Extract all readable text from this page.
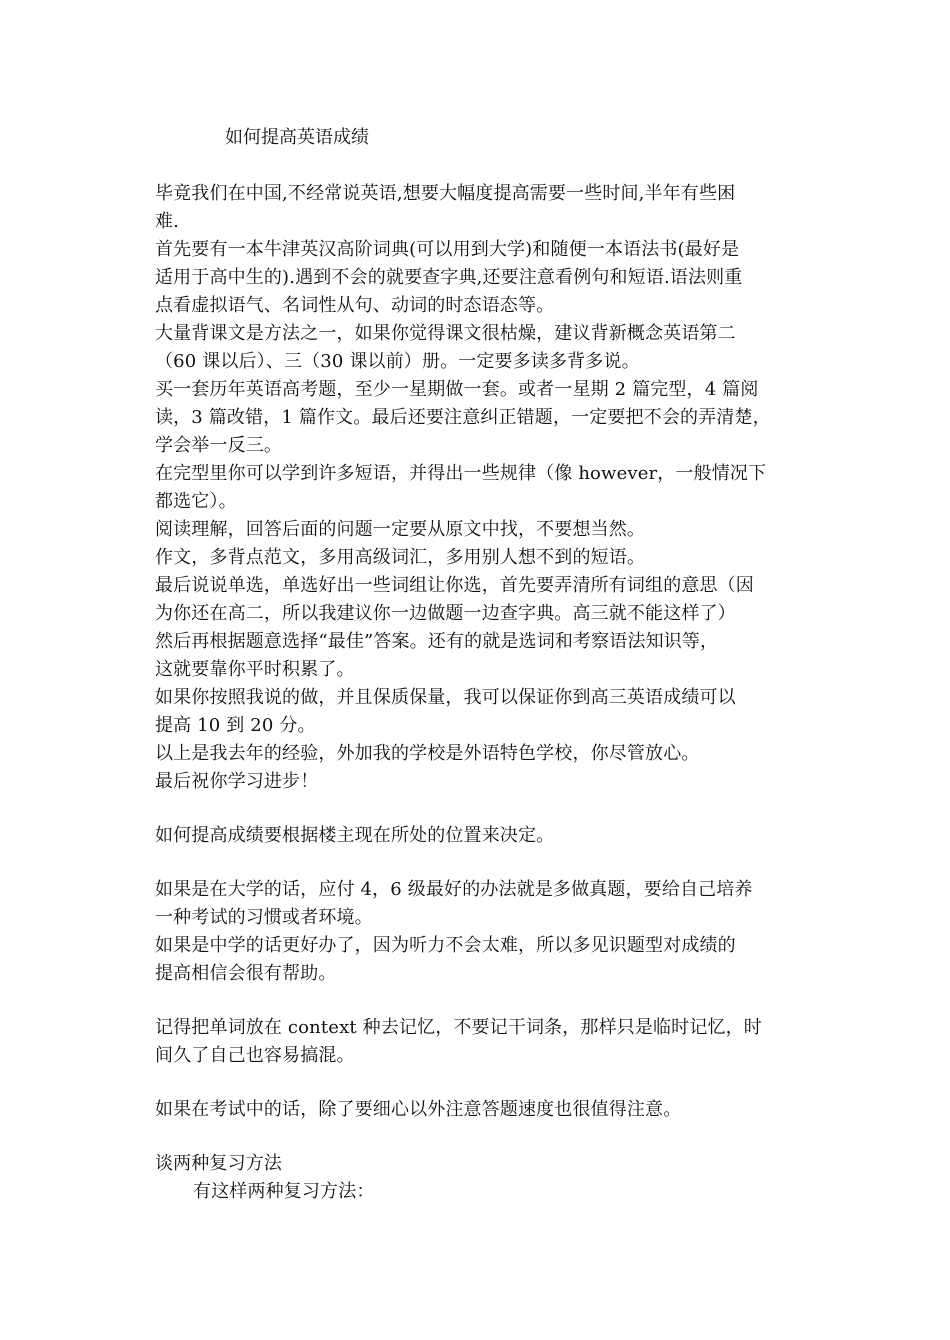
如何提高英语成绩
毕竟我们在中国,不经常说英语,想要大幅度提高需要一些时间,半年有些困
难.
首先要有一本牛津英汉高阶词典(可以用到大学)和随便一本语法书(最好是
适用于高中生的).遇到不会的就要查字典,还要注意看例句和短语.语法则重
点看虚拟语气、名词性从句、动词的时态语态等。
大量背课文是方法之一，如果你觉得课文很枯燥，建议背新概念英语第二
（60 课以后）、三（30 课以前）册。一定要多读多背多说。
买一套历年英语高考题，至少一星期做一套。或者一星期 2 篇完型，4 篇阅
读，3 篇改错，1 篇作文。最后还要注意纠正错题，一定要把不会的弄清楚，
学会举一反三。
在完型里你可以学到许多短语，并得出一些规律（像 however，一般情况下
都选它）。
阅读理解，回答后面的问题一定要从原文中找，不要想当然。
作文，多背点范文，多用高级词汇，多用别人想不到的短语。
最后说说单选，单选好出一些词组让你选，首先要弄清所有词组的意思（因
为你还在高二，所以我建议你一边做题一边查字典。高三就不能这样了）
然后再根据题意选择“最佳”答案。还有的就是选词和考察语法知识等，
这就要靠你平时积累了。
如果你按照我说的做，并且保质保量，我可以保证你到高三英语成绩可以
提高 10 到 20 分。
以上是我去年的经验，外加我的学校是外语特色学校，你尽管放心。
最后祝你学习进步！
如何提高成绩要根据楼主现在所处的位置来决定。
如果是在大学的话，应付 4，6 级最好的办法就是多做真题，要给自己培养
一种考试的习惯或者环境。
如果是中学的话更好办了，因为听力不会太难，所以多见识题型对成绩的
提高相信会很有帮助。
记得把单词放在 context 种去记忆，不要记干词条，那样只是临时记忆，时
间久了自己也容易搞混。
如果在考试中的话，除了要细心以外注意答题速度也很值得注意。
谈两种复习方法
有这样两种复习方法：
